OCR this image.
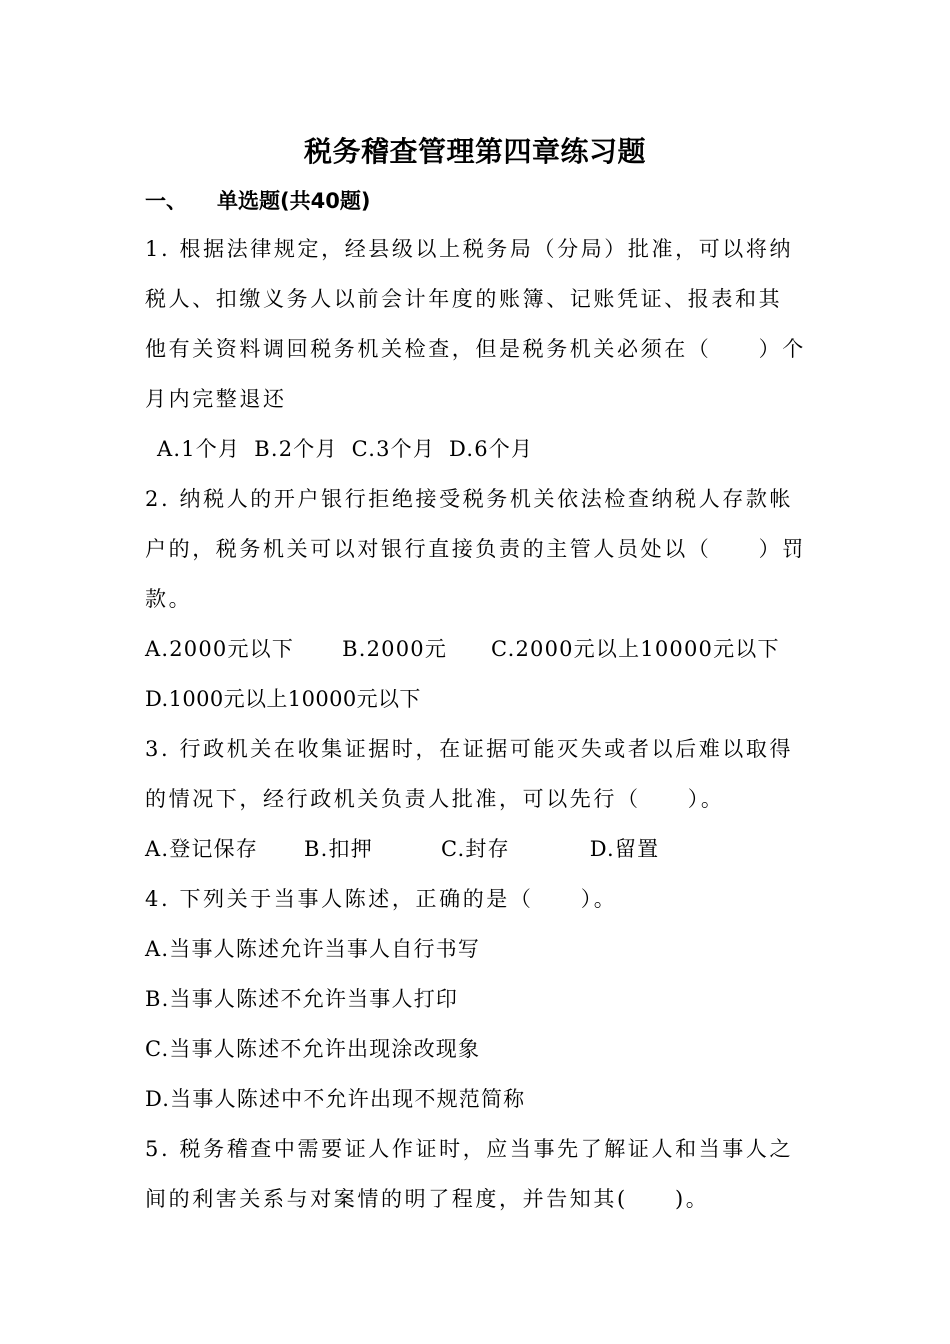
税务稽查管理第四章练习题
一、 单选题(共40题)
1. 根据法律规定，经县级以上税务局（分局）批准，可以将纳
税人、扣缴义务人以前会计年度的账簿、记账凭证、报表和其
他有关资料调回税务机关检查，但是税务机关必须在（　　）个
月内完整退还
A.1个月 B.2个月 C.3个月 D.6个月
2. 纳税人的开户银行拒绝接受税务机关依法检查纳税人存款帐
户的，税务机关可以对银行直接负责的主管人员处以（　　）罚
款。
A.2000元以下 B.2000元 C.2000元以上10000元以下
D.1000元以上10000元以下
3. 行政机关在收集证据时，在证据可能灭失或者以后难以取得
的情况下，经行政机关负责人批准，可以先行（　　）。
A.登记保存 B.扣押	C.封存	D.留置
4. 下列关于当事人陈述，正确的是（　　）。
A.当事人陈述允许当事人自行书写
B.当事人陈述不允许当事人打印
C.当事人陈述不允许出现涂改现象
D.当事人陈述中不允许出现不规范简称
5. 税务稽查中需要证人作证时，应当事先了解证人和当事人之
间的利害关系与对案情的明了程度，并告知其(　　)。
